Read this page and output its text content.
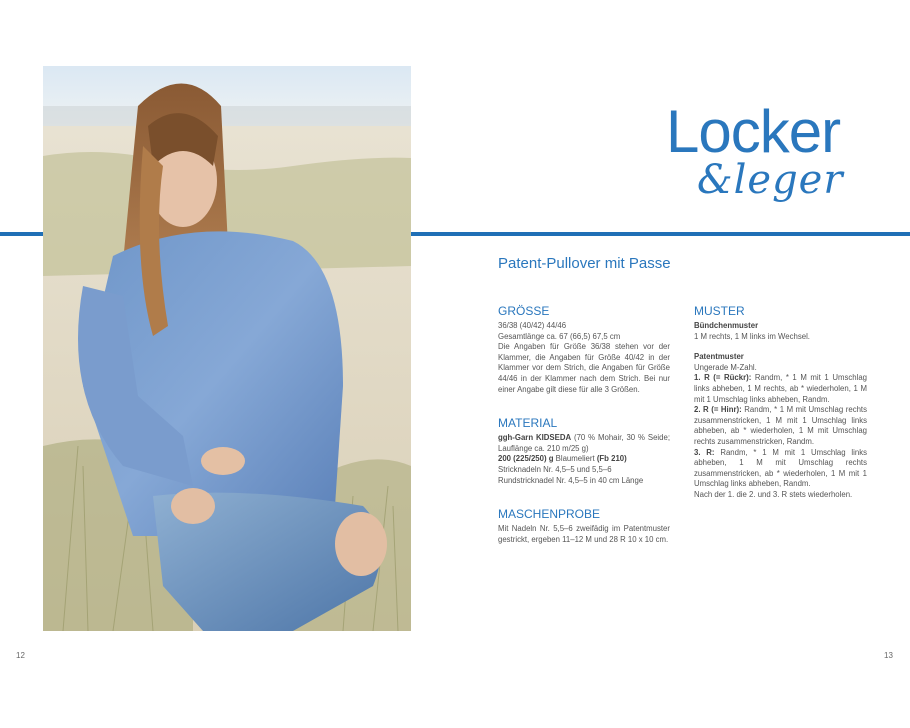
Locker
&leger
Patent-Pullover mit Passe
GRÖSSE

36/38 (40/42) 44/46

Gesamtlänge ca. 67 (66,5) 67,5 cm

Die Angaben für Größe 36/38 stehen vor der Klammer, die Angaben für Größe 40/42 in der Klammer vor dem Strich, die Angaben für Größe 44/46 in der Klammer nach dem Strich. Bei nur einer Angabe gilt diese für alle 3 Größen.

MATERIAL

ggh-Garn KIDSEDA (70 % Mohair, 30 % Seide; Lauflänge ca. 210 m/25 g)

200 (225/250) g Blaumeliert (Fb 210)

Stricknadeln Nr. 4,5–5 und 5,5–6

Rundstricknadel Nr. 4,5–5 in 40 cm Länge

MASCHENPROBE

Mit Nadeln Nr. 5,5–6 zweifädig im Patentmuster gestrickt, ergeben 11–12 M und 28 R 10 x 10 cm.

MUSTER

Bündchenmuster

1 M rechts, 1 M links im Wechsel.

Patentmuster

Ungerade M-Zahl.

1. R (= Rückr): Randm, * 1 M mit 1 Umschlag links abheben, 1 M rechts, ab * wiederholen, 1 M mit 1 Umschlag links abheben, Randm.

2. R (= Hinr): Randm, * 1 M mit Umschlag rechts zusammenstricken, 1 M mit 1 Umschlag links abheben, ab * wiederholen, 1 M mit Umschlag rechts zusammenstricken, Randm.

3. R: Randm, * 1 M mit 1 Umschlag links abheben, 1 M mit Umschlag rechts zusammenstricken, ab * wiederholen, 1 M mit 1 Umschlag links abheben, Randm.

Nach der 1. die 2. und 3. R stets wiederholen.

12	13
